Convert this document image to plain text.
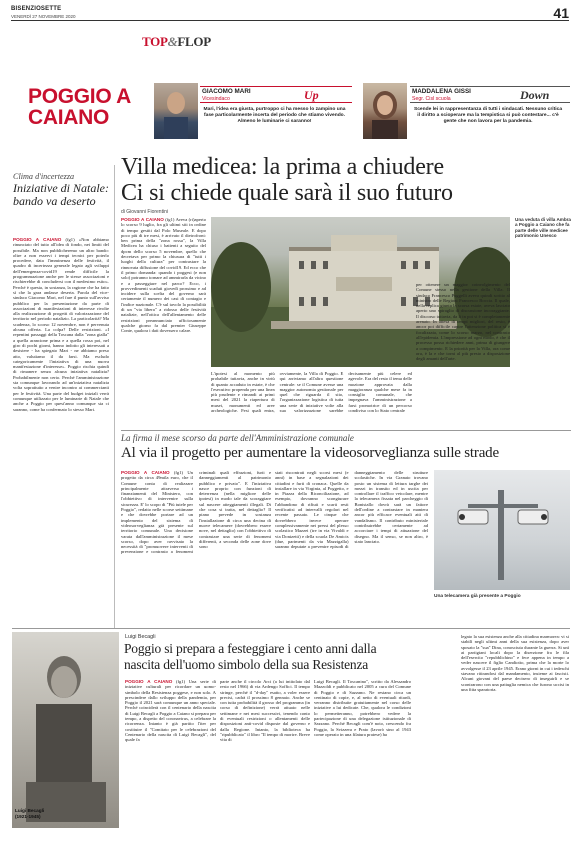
BISENZIOSETTE
VENERDÌ 27 NOVEMBRE 2020	41
POGGIO A
CAIANO
TOP&FLOP
GIACOMO MARI
Vicesindaco	Up
Mari, l'idea era giusta, purtroppo ci ha messo lo zampino una fase particolarmente incerta del periodo che stiamo vivendo. Almeno le luminarie ci saranno!
MADDALENA GISSI
Segr. Cisl scuola	Down
Scende lei in rappresentanza di tutti i sindacati. Nessuno critica il diritto a scioperare ma la tempistica si può contestare... c'è gente che non lavora per la pandemia.
Clima d'incertezza
Iniziative di Natale: bando va deserto
POGGIO A CAIANO (fg1) «Non abbiamo rinunciato del tutto all'idea di fondo, nei limiti del possibile. Ma non pubblicheremo un altro bando: oltre a non esservi i tempi tecnici per poterlo procedere, data l'imminenza delle festività, il quadro di incertezza generale legato agli sviluppi dell'emergenza-covid19 rende difficile la programmazione anche per le stesse associazioni e rischierebbe di concludersi con il medesimo esito». Perché è questa, in sostanza, la ragione che ha fatto sì che la gara andasse deserta. Parola del vice-sindaco Giacomo Mari, nel fare il punto sull'avviso pubblico per la presentazione da parte di associazioni di manifestazioni di interesse rivolte alla realizzazione di progetti di valorizzazione del territorio nel periodo natalizio. La particolarità? Ma scadenza, lo scorso 12 novembre, non è pervenuta alcuna offerta. La colpa? Delle restrizioni. «I repentini passaggi della Toscana dalla "zona gialla" a quella arancione prima e a quella rossa poi, nel giro di pochi giorni, hanno indotto gli interessati a desistere - ha spiegato Mari - ne abbiamo preso atto, valutiamo il da farsi. Ma escludo categoricamente l'iniziativa di una nuova manifestazione d'interesse». Poggio rischia quindi di rimanere senza alcuna iniziativa natalizia? Probabilmente non certo. Perché l'amministrazione sta comunque lavorando ad un'iniziativa natalizia volta soprattutto a venire incontro ai commercianti per le festività. Una parte del budget iniziali verrà comunque utilizzato per le luminarie di Natale che anche a Poggio per quest'anno comunque sia ci saranno, come ha confermato lo stesso Mari.
Villa medicea: la prima a chiudere
Ci si chiede quale sarà il suo futuro
di Giovanni Fiorentini
POGGIO A CAIANO (fg1) Aveva (ri)aperto lo scorso 9 luglio, fra gli ultimi siti in ordine di tempo gestiti dal Polo Museale. E dopo poco più di tre mesi, è arrivato il dietrofront: ben prima della "zona rossa", la Villa Medicea ha chiuso i battenti a seguito del dpcm dello scorso 5 novembre, quello che decretava per primo la chiusura di "tutti i luoghi della cultura" per contrastare la rinnovata diffusione del covid19. Ed ecco che il primo domanda: quando i poggesi (e non solo) potranno tornare ad ammirarla da vicino e a passeggiare nel parco? Ecco, i provvedimenti scaduti giovedì prossimo e ad incidere sulla scelta del governo sarà certamente il numero dei casi di contagio e l'indice nazionale. C'è sul tavolo la possibilità di un "via libera" a ridosso delle festività natalizie, nell'ottica dell'allentamento delle restrizioni preannunciato ufficiosamente qualche giorno fa dal premier Giuseppe Conte, qualora i dati dovessero calare.
Una veduta di villa Ambra a Poggio a Caiano che fa parte delle ville medicee patrimonio Unesco
L'ipotesi al momento più probabile tuttavia, anche in virtù di quanto accaduto in estate, è che l'esecutivo propenda per una linea più prudente e rimandi ai primi mesi del 2021 la riapertura di musei, monumenti ed aree archeologiche. Fesi quali entra, ovviamente, la Villa di Poggio. E qui arriviamo all'altra questione centrale: se il Comune avesse una maggior autonomia gestionale per quel che riguarda il sito, l'organizzazione logistica di tutta una serie di iniziative volte alla sua valorizzazione sarebbe decisamente più celere ed agevole. Era del resto il tema delle mozione approvata dalla maggioranza qualche mese fa in consiglio comunale, che impegnava l'amministrazione a farsi promotrice di un percorso condiviso con lo Stato centrale
per ottenere un maggior coinvolgimento del Comune stesso nella gestione della Villa. Il sindaco Francesco Puggelli aveva quindi scritto al ministro delle Regioni Francesco Boccia. Il quale, nella replica giunta la scorsa estate, aveva lasciato aperto uno spiraglio di discussione incoraggiante. Il discorso tuttavia, da li in poi si è completamente arenato. In attesa di tempi migliori, del resto, è ancor poi difficile capire l'attenzione politica si è focalizzata, come lo scorso marzo, nel contrasto all'epidemia. L'impressione ad ogni modo, è che il processo possa richiedere anni, prima di giungere a compimento. E la priorità per la Villa, ora come ora, è la e che torni al più presto a disposizione degli amanti dell'arte.
La firma il mese scorso da parte dell'Amministrazione comunale
Al via il progetto per aumentare la videosorveglianza sulle strade
POGGIO A CAIANO (fg1) Un progetto da circa 49mila euro, che il Comune conta di realizzare principalmente attraverso i finanziamenti del Ministero, con l'obbiettivo di intervenire sulla sicurezza. E' lo scopo di "Più tutele per Poggio", redatto nelle scorse settimane e che dovrebbe portare ad un implemento del sistema di videosorveglianza già presente sul territorio comunale. Una decisione varata dall'amministrazione il mese scorso, dopo aver ravvisato la necessità di "promuovere interventi di prevenzione e contrasto a fenomeni criminali quali effrazioni, furti e danneggiamenti al patrimonio pubblico e privato". E l'iniziativa nasce proprio con funzioni di deterrenza (nella migliore delle ipotesi) in modo tale da scoraggiare sul nascere atteggiamenti illegali. Di che cosa si tratta, nel dettaglio? Il piano prevede in sostanza l'installazione di circa una decina di nuove telecamere (dovrebbero essere nove, nel dettaglio) con l'obbiettivo di contrastare una serie di fenomeni differenti, a seconda delle zone dove sono
stati riscontrati negli scorsi mesi (e anni) in base a segnalazioni dei cittadini e furti di cronaca. Quelle da installare in via Virginia, al Poggetto, e in Piazza della Riconciliazione, ad esempio, dovranno scongiurare l'abbandono di rifiuti e scarti resti verificatisi ad intervalli regolari nel recente passato. Le cinque che dovrebbero invece operare complessivamente nei pressi del plesso scolastico Mazzei (tre in via Vivaldi e via Donizetti) e della scuola De Amicis (due, parimenti da via Mazzigalla) saranno deputate a prevenire episodi di danneggiamento delle strutture scolastiche. In via Granaio trovano posto un sistema di lettura targhe dei mezzi in transito ed in uscita per controllare il traffico veicolare, mentre la telecamera fissata nel parcheggio di Bonistallo dovrà sarà un fattore dell'ordine a contrastare in maniera ancor più efficace eventuali atti di vandalismo. Il contributo ministeriale contribuirebbe certamente ad accorciare i tempi di attuazione del disegno. Ma il senso, se non altro, è stato lanciato.
Una telecamera già presente a Poggio
Luigi Becagli
(1921-1945)
Luigi Becagli
Poggio si prepara a festeggiare i cento anni dalla
nascita dell'uomo simbolo della sua Resistenza
POGGIO A CAIANO (fg1) Una serie di iniziative culturali per ricordare un uomo-simbolo della Resistenza poggese, e non solo. A prescindere dallo sviluppo della pandemia, per Poggio il 2021 sarà comunque un anno speciale. Perché coinciderà con il centenario della nascita di Luigi Becagli a Poggio a Caiano si prepara per tempo, a dispetto del coronavirus, a celebrare la ricorrenza. Intanto è già partito l'iter per costituire il "Comitato per le celebrazioni del Centenario della nascita di Luigi Becagli", del quale fa
parte anche il circolo Arci (a lui intitolato dal resto nel 1966) di via Ardengo Soffici. Il tempo stringe, perché il "d-day" esatto, a voler essere precisi, cadrà il prossimo 8 gennaio. Anche se con tutta probabilità il grosso del programma (in corso di definizione) verrà attuato nelle settimane e nei mesi successivi, tenendo conto di eventuali restrizioni o allentamenti delle disposizioni anti-covid disposte dal governo e dalla Regione. Intanto, la biblioteca ha "ripubblicato" il libro "Il tempo di morire. Breve vita di
Luigi Becagli. Il Toscanino", scritto da Alessandro Mazzoldi e pubblicato nel 2005 a cura del Comune di Poggio e di Sazzano. Ne restano circa un centinaio di copie, e, al netto di eventuali ritardi, verranno distribuite gratuitamente nel corso delle iniziative a lui dedicate. Che, qualora le condizioni lo permetteranno, potrebbero vedere la partecipazione di una delegazione istituzionale di Sazzano. Perché Becagli com'è noto, crescendo fra Poggio, la Svizzera e Prato (lavorò sino al 1943 come operaio in una filatura pratese) ha
legato la sua esistenza anche alla cittadina marmorea: vi si stabilì negli ultimi anni della sua esistenza, dopo aver sposato la "sua" Dina, conosciuta durante la guerra. Si unì ai partigiani locali dopo la diserzione fra le fila dell'esercito "repubblichino" e fece appena in tempo a veder nascere il figlio Candiotto, prima che la morte lo avvolgesse il 23 aprile 1945. Erano giorni in cui i tedeschi stavano ritirandosi dal mandamento, insieme ai fascisti. Alcuni giovani del paese decisero di inseguirli e se scontrarono con una pattuglia nemica che furono uccisi in una fitta sparatoria.
